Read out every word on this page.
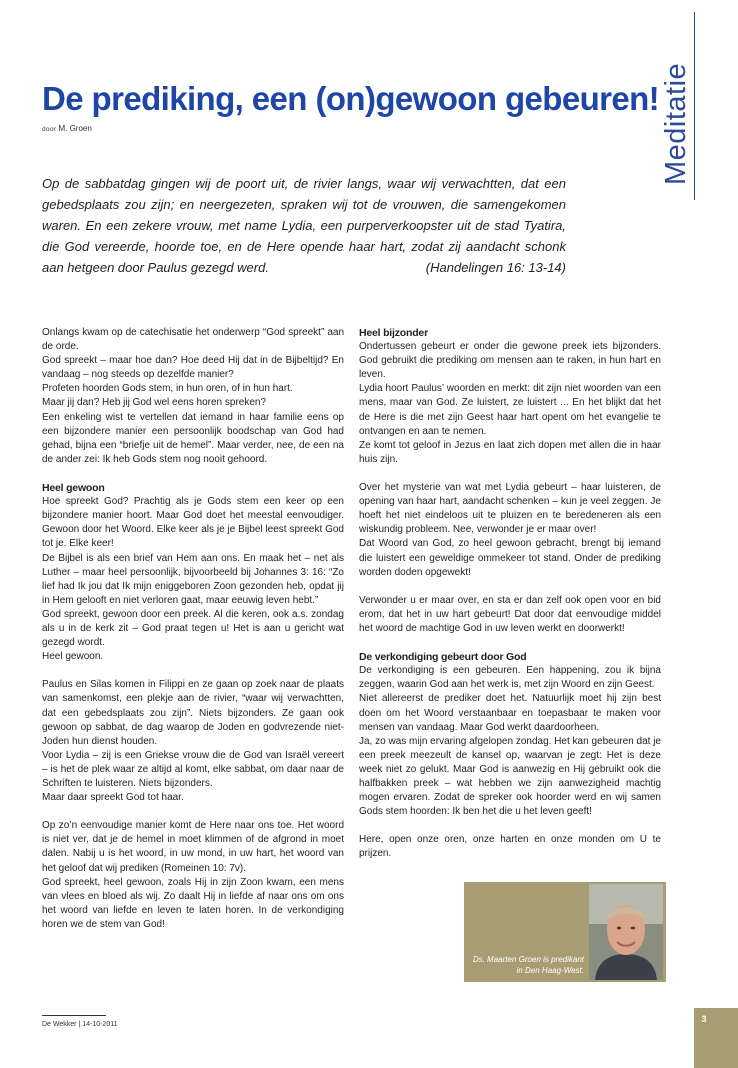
Meditatie
De prediking, een (on)gewoon gebeuren!
door M. Groen
Op de sabbatdag gingen wij de poort uit, de rivier langs, waar wij verwachtten, dat een gebedsplaats zou zijn; en neergezeten, spraken wij tot de vrouwen, die samengekomen waren. En een zekere vrouw, met name Lydia, een purperverkoopster uit de stad Tyatira, die God vereerde, hoorde toe, en de Here opende haar hart, zodat zij aandacht schonk aan hetgeen door Paulus gezegd werd.	(Handelingen 16: 13-14)

Onlangs kwam op de catechisatie het onderwerp “God spreekt” aan de orde.
God spreekt – maar hoe dan? Hoe deed Hij dat in de Bijbeltijd? En vandaag – nog steeds op dezelfde manier?
Profeten hoorden Gods stem, in hun oren, of in hun hart.
Maar jij dan? Heb jij God wel eens horen spreken?
Een enkeling wist te vertellen dat iemand in haar familie eens op een bijzondere manier een persoonlijk boodschap van God had gehad, bijna een “briefje uit de hemel”. Maar verder, nee, de een na de ander zei: Ik heb Gods stem nog nooit gehoord.

Heel gewoon

Hoe spreekt God? Prachtig als je Gods stem een keer op een bijzondere manier hoort. Maar God doet het meestal eenvoudiger. Gewoon door het Woord. Elke keer als je je Bijbel leest spreekt God tot je. Elke keer!
De Bijbel is als een brief van Hem aan ons. En maak het – net als Luther – maar heel persoonlijk, bijvoorbeeld bij Johannes 3: 16: “Zo lief had Ik jou dat Ik mijn eniggeboren Zoon gezonden heb, opdat jij in Hem gelooft en niet verloren gaat, maar eeuwig leven hebt.”
God spreekt, gewoon door een preek. Al die keren, ook a.s. zondag als u in de kerk zit – God praat tegen u! Het is aan u gericht wat gezegd wordt.
Heel gewoon.

Paulus en Silas komen in Filippi en ze gaan op zoek naar de plaats van samenkomst, een plekje aan de rivier, “waar wij verwachtten, dat een gebedsplaats zou zijn”. Niets bijzonders. Ze gaan ook gewoon op sabbat, de dag waarop de Joden en godvrezende niet-Joden hun dienst houden.
Voor Lydia – zij is een Griekse vrouw die de God van Israël vereert – is het de plek waar ze altijd al komt, elke sabbat, om daar naar de Schriften te luisteren. Niets bijzonders.
Maar daar spreekt God tot haar.

Op zo’n eenvoudige manier komt de Here naar ons toe. Het woord is niet ver, dat je de hemel in moet klimmen of de afgrond in moet dalen. Nabij u is het woord, in uw mond, in uw hart, het woord van het geloof dat wij prediken (Romeinen 10: 7v).
God spreekt, heel gewoon, zoals Hij in zijn Zoon kwam, een mens van vlees en bloed als wij. Zo daalt Hij in liefde af naar ons om ons het woord van liefde en leven te laten horen. In de verkondiging horen we de stem van God!

Heel bijzonder

Ondertussen gebeurt er onder die gewone preek iets bijzonders. God gebruikt die prediking om mensen aan te raken, in hun hart en leven.
Lydia hoort Paulus’ woorden en merkt: dit zijn niet woorden van een mens, maar van God. Ze luistert, ze luistert ... En het blijkt dat het de Here is die met zijn Geest haar hart opent om het evangelie te ontvangen en aan te nemen.
Ze komt tot geloof in Jezus en laat zich dopen met allen die in haar huis zijn.

Over het mysterie van wat met Lydia gebeurt – haar luisteren, de opening van haar hart, aandacht schenken – kun je veel zeggen. Je hoeft het niet eindeloos uit te pluizen en te beredeneren als een wiskundig probleem. Nee, verwonder je er maar over!
Dat Woord van God, zo heel gewoon gebracht, brengt bij iemand die luistert een geweldige ommekeer tot stand. Onder de prediking worden doden opgewekt!

Verwonder u er maar over, en sta er dan zelf ook open voor en bid erom, dat het in uw hart gebeurt! Dat door dat eenvoudige middel het woord de machtige God in uw leven werkt en doorwerkt!

De verkondiging gebeurt door God

De verkondiging is een gebeuren. Een happening, zou ik bijna zeggen, waarin God aan het werk is, met zijn Woord en zijn Geest.
Niet allereerst de prediker doet het. Natuurlijk moet hij zijn best doen om het Woord verstaanbaar en toepasbaar te maken voor mensen van vandaag. Maar God werkt daardoorheen.
Ja, zo was mijn ervaring afgelopen zondag. Het kan gebeuren dat je een preek meezeult de kansel op, waarvan je zegt: Het is deze week niet zo gelukt. Maar God is aanwezig en Hij gebruikt ook die halfbakken preek – wat hebben we zijn aanwezigheid machtig mogen ervaren. Zodat de spreker ook hoorder werd en wij samen Gods stem hoorden: Ik ben het die u het leven geeft!

Here, open onze oren, onze harten en onze monden om U te prijzen.

Ds. Maarten Groen is predikant in Den Haag-West.
De Wekker | 14-10-2011
3
